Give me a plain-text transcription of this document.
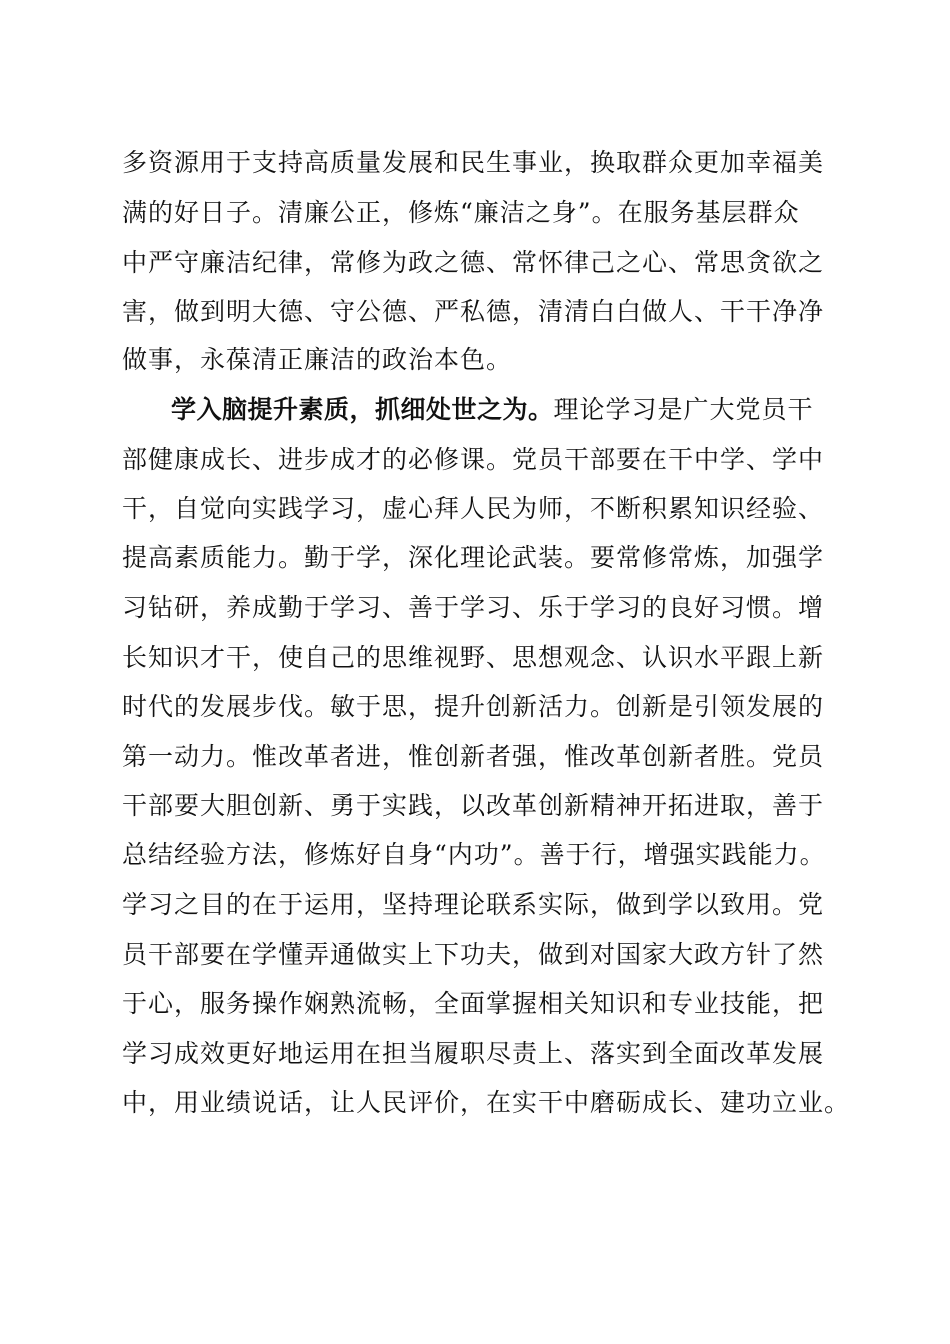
多资源用于支持高质量发展和民生事业，换取群众更加幸福美
满的好日子。清廉公正，修炼“廉洁之身”。在服务基层群众
中严守廉洁纪律，常修为政之德、常怀律己之心、常思贪欲之
害，做到明大德、守公德、严私德，清清白白做人、干干净净
做事，永葆清正廉洁的政治本色。
学入脑提升素质，抓细处世之为。理论学习是广大党员干
部健康成长、进步成才的必修课。党员干部要在干中学、学中
干，自觉向实践学习，虚心拜人民为师，不断积累知识经验、
提高素质能力。勤于学，深化理论武装。要常修常炼，加强学
习钻研，养成勤于学习、善于学习、乐于学习的良好习惯。增
长知识才干，使自己的思维视野、思想观念、认识水平跟上新
时代的发展步伐。敏于思，提升创新活力。创新是引领发展的
第一动力。惟改革者进，惟创新者强，惟改革创新者胜。党员
干部要大胆创新、勇于实践，以改革创新精神开拓进取，善于
总结经验方法，修炼好自身“内功”。善于行，增强实践能力。
学习之目的在于运用，坚持理论联系实际，做到学以致用。党
员干部要在学懂弄通做实上下功夫，做到对国家大政方针了然
于心，服务操作娴熟流畅，全面掌握相关知识和专业技能，把
学习成效更好地运用在担当履职尽责上、落实到全面改革发展
中，用业绩说话，让人民评价，在实干中磨砺成长、建功立业。
